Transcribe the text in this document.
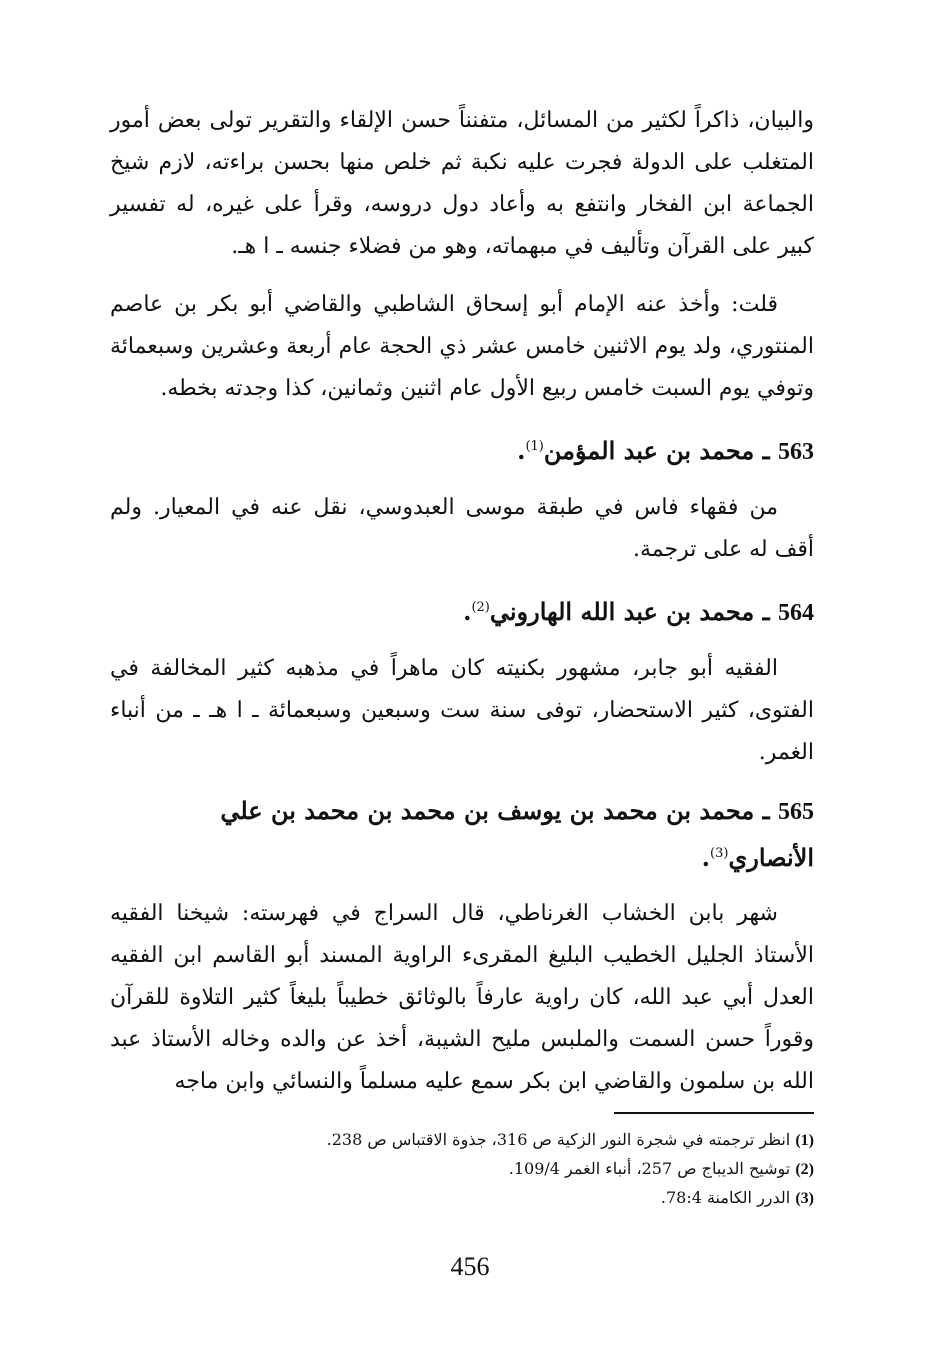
والبيان، ذاكراً لكثير من المسائل، متفنناً حسن الإلقاء والتقرير تولى بعض أمور المتغلب على الدولة فجرت عليه نكبة ثم خلص منها بحسن براءته، لازم شيخ الجماعة ابن الفخار وانتفع به وأعاد دول دروسه، وقرأ على غيره، له تفسير كبير على القرآن وتأليف في مبهماته، وهو من فضلاء جنسه ـ ا هـ.

قلت: وأخذ عنه الإمام أبو إسحاق الشاطبي والقاضي أبو بكر بن عاصم المنتوري، ولد يوم الاثنين خامس عشر ذي الحجة عام أربعة وعشرين وسبعمائة وتوفي يوم السبت خامس ربيع الأول عام اثنين وثمانين، كذا وجدته بخطه.

563 ـ محمد بن عبد المؤمن$^{(1)}$.

من فقهاء فاس في طبقة موسى العبدوسي، نقل عنه في المعيار. ولم أقف له على ترجمة.

564 ـ محمد بن عبد الله الهاروني$^{(2)}$.

الفقيه أبو جابر، مشهور بكنيته كان ماهراً في مذهبه كثير المخالفة في الفتوى، كثير الاستحضار، توفى سنة ست وسبعين وسبعمائة ـ ا هـ ـ من أنباء الغمر.

565 ـ محمد بن محمد بن يوسف بن محمد بن محمد بن علي الأنصاري$^{(3)}$.

شهر بابن الخشاب الغرناطي، قال السراج في فهرسته: شيخنا الفقيه الأستاذ الجليل الخطيب البليغ المقرىء الراوية المسند أبو القاسم ابن الفقيه العدل أبي عبد الله، كان راوية عارفاً بالوثائق خطيباً بليغاً كثير التلاوة للقرآن وقوراً حسن السمت والملبس مليح الشيبة، أخذ عن والده وخاله الأستاذ عبد الله بن سلمون والقاضي ابن بكر سمع عليه مسلماً والنسائي وابن ماجه

(1) انظر ترجمته في شجرة النور الزكية ص 316، جذوة الاقتباس ص 238.

(2) توشيح الديباج ص 257، أنباء الغمر 109/4.

(3) الدرر الكامنة 78:4.

456
